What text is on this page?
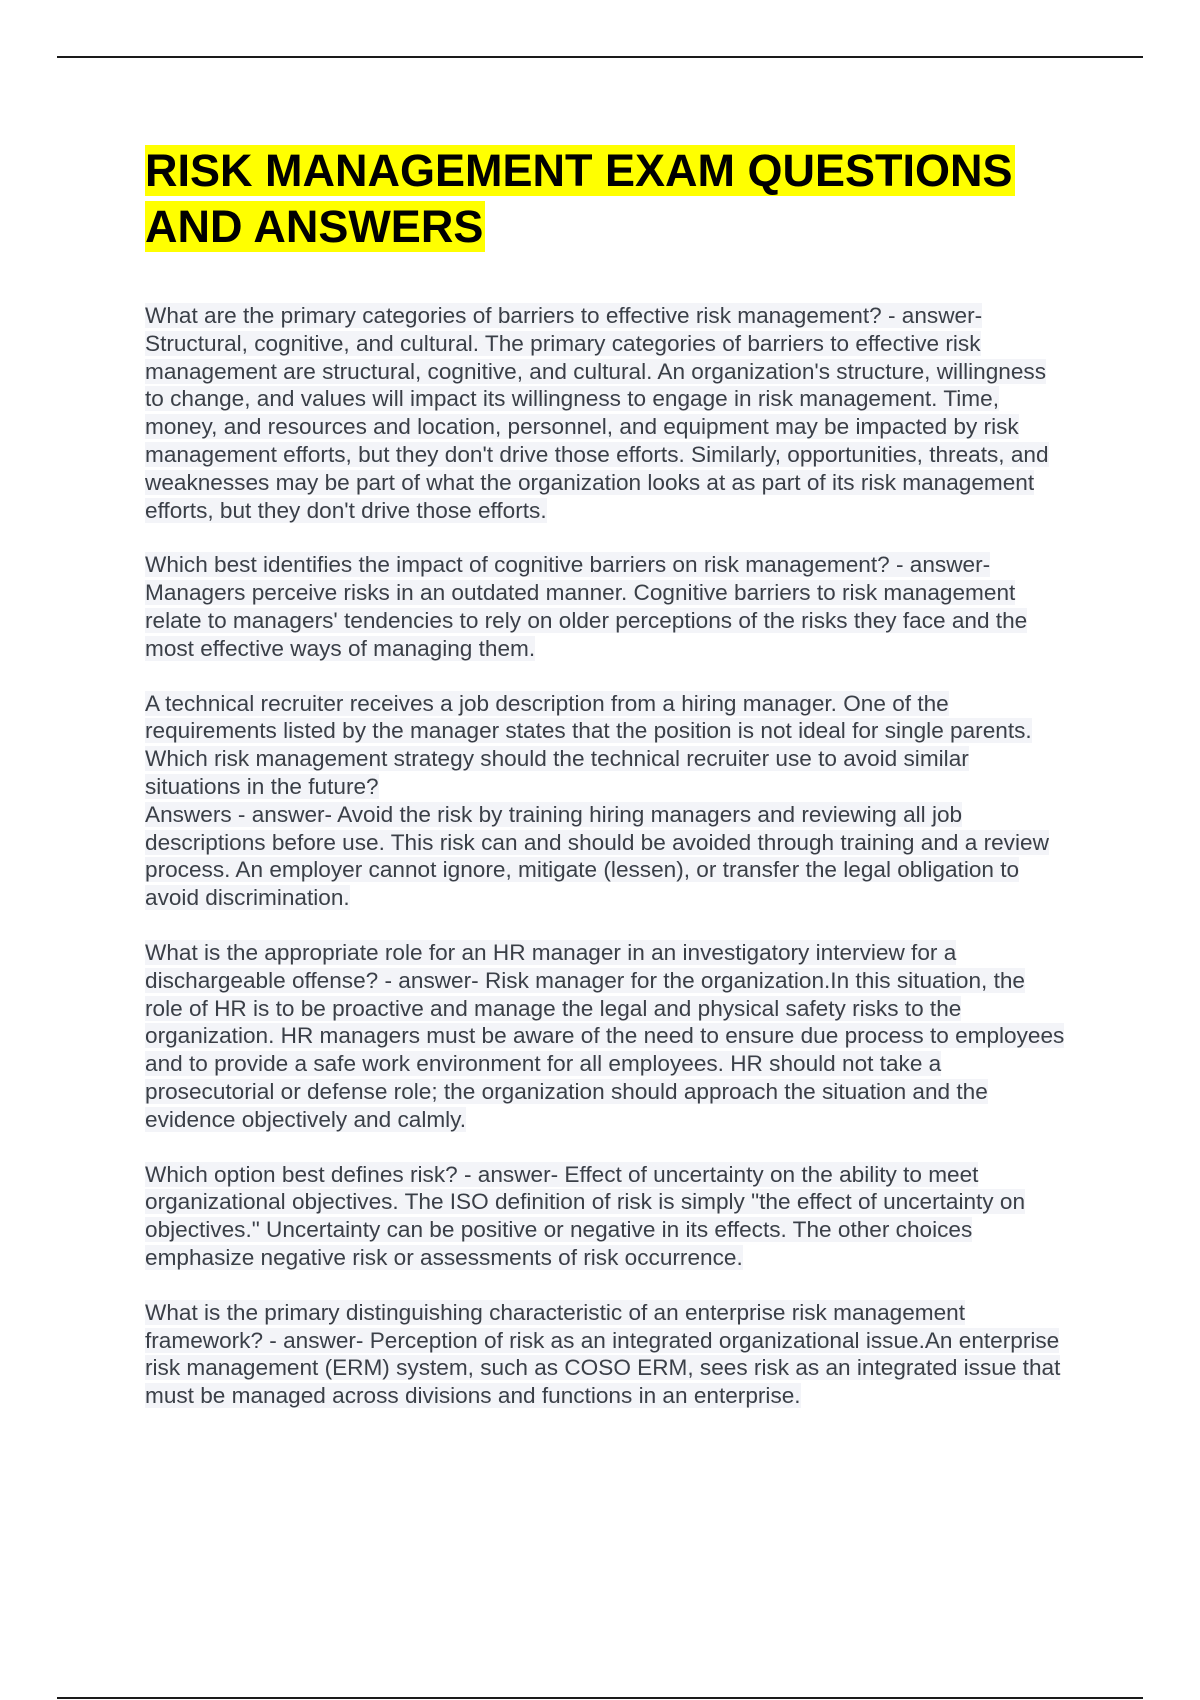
RISK MANAGEMENT EXAM QUESTIONS AND ANSWERS

What are the primary categories of barriers to effective risk management? - answer-Structural, cognitive, and cultural. The primary categories of barriers to effective risk management are structural, cognitive, and cultural. An organization's structure, willingness to change, and values will impact its willingness to engage in risk management. Time, money, and resources and location, personnel, and equipment may be impacted by risk management efforts, but they don't drive those efforts. Similarly, opportunities, threats, and weaknesses may be part of what the organization looks at as part of its risk management efforts, but they don't drive those efforts.

Which best identifies the impact of cognitive barriers on risk management? - answer-Managers perceive risks in an outdated manner. Cognitive barriers to risk management relate to managers' tendencies to rely on older perceptions of the risks they face and the most effective ways of managing them.

A technical recruiter receives a job description from a hiring manager. One of the requirements listed by the manager states that the position is not ideal for single parents. Which risk management strategy should the technical recruiter use to avoid similar situations in the future?
Answers - answer- Avoid the risk by training hiring managers and reviewing all job descriptions before use. This risk can and should be avoided through training and a review process. An employer cannot ignore, mitigate (lessen), or transfer the legal obligation to avoid discrimination.

What is the appropriate role for an HR manager in an investigatory interview for a dischargeable offense? - answer- Risk manager for the organization.In this situation, the role of HR is to be proactive and manage the legal and physical safety risks to the organization. HR managers must be aware of the need to ensure due process to employees and to provide a safe work environment for all employees. HR should not take a prosecutorial or defense role; the organization should approach the situation and the evidence objectively and calmly.

Which option best defines risk? - answer- Effect of uncertainty on the ability to meet organizational objectives. The ISO definition of risk is simply "the effect of uncertainty on objectives." Uncertainty can be positive or negative in its effects. The other choices emphasize negative risk or assessments of risk occurrence.

What is the primary distinguishing characteristic of an enterprise risk management framework? - answer- Perception of risk as an integrated organizational issue.An enterprise risk management (ERM) system, such as COSO ERM, sees risk as an integrated issue that must be managed across divisions and functions in an enterprise.
